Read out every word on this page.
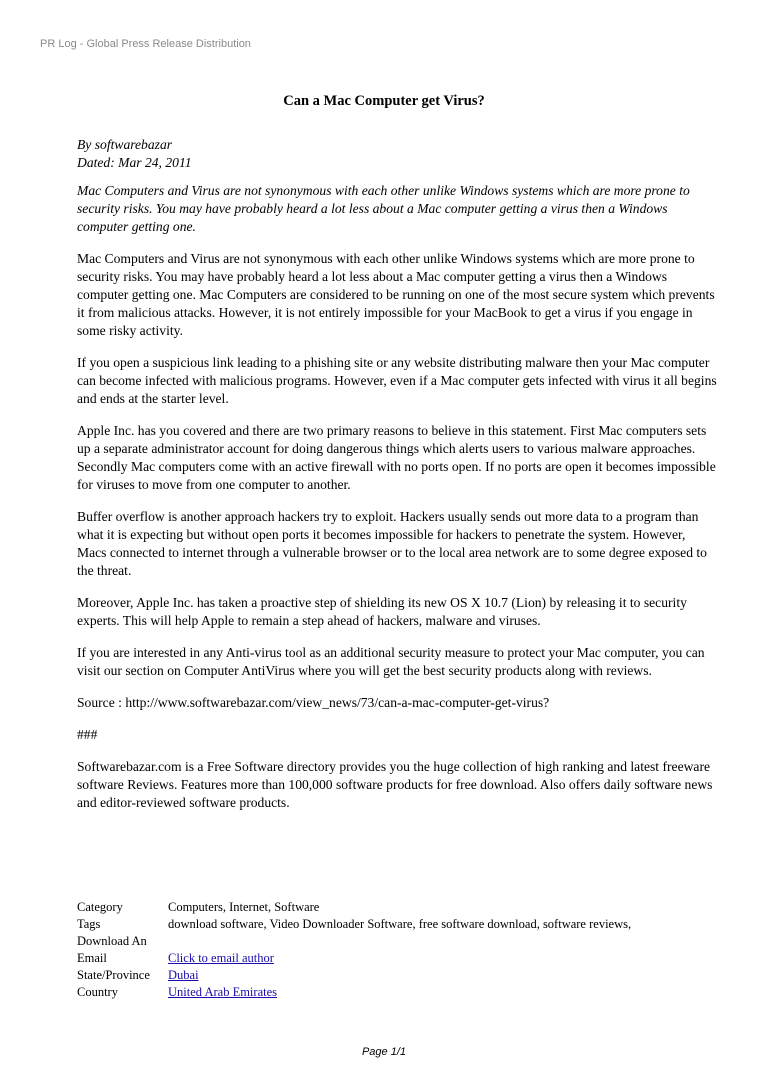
PR Log - Global Press Release Distribution
Can a Mac Computer get Virus?
By softwarebazar
Dated: Mar 24, 2011
Mac Computers and Virus are not synonymous with each other unlike Windows systems which are more prone to security risks. You may have probably heard a lot less about a Mac computer getting a virus then a Windows computer getting one.
Mac Computers and Virus are not synonymous with each other unlike Windows systems which are more prone to security risks. You may have probably heard a lot less about a Mac computer getting a virus then a Windows computer getting one. Mac Computers are considered to be running on one of the most secure system which prevents it from malicious attacks. However, it is not entirely impossible for your MacBook to get a virus if you engage in some risky activity.
If you open a suspicious link leading to a phishing site or any website distributing malware then your Mac computer can become infected with malicious programs. However, even if a Mac computer gets infected with virus it all begins and ends at the starter level.
Apple Inc. has you covered and there are two primary reasons to believe in this statement. First Mac computers sets up a separate administrator account for doing dangerous things which alerts users to various malware approaches. Secondly Mac computers come with an active firewall with no ports open. If no ports are open it becomes impossible for viruses to move from one computer to another.
Buffer overflow is another approach hackers try to exploit. Hackers usually sends out more data to a program than what it is expecting but without open ports it becomes impossible for hackers to penetrate the system. However, Macs connected to internet through a vulnerable browser or to the local area network are to some degree exposed to the threat.
Moreover, Apple Inc. has taken a proactive step of shielding its new OS X 10.7 (Lion) by releasing it to security experts. This will help Apple to remain a step ahead of hackers, malware and viruses.
If you are interested in any Anti-virus tool as an additional security measure to protect your Mac computer, you can visit our section on Computer AntiVirus where you will get the best security products along with reviews.
Source : http://www.softwarebazar.com/view_news/73/can-a-mac-computer-get-virus?
###
Softwarebazar.com is a Free Software directory provides you the huge collection of high ranking and latest freeware software Reviews. Features more than 100,000 software products for free download. Also offers daily software news and editor-reviewed software products.
Category	Computers, Internet, Software
Tags	download software, Video Downloader Software, free software download, software reviews,
Download An	
Email	Click to email author
State/Province	Dubai
Country	United Arab Emirates
Page 1/1
